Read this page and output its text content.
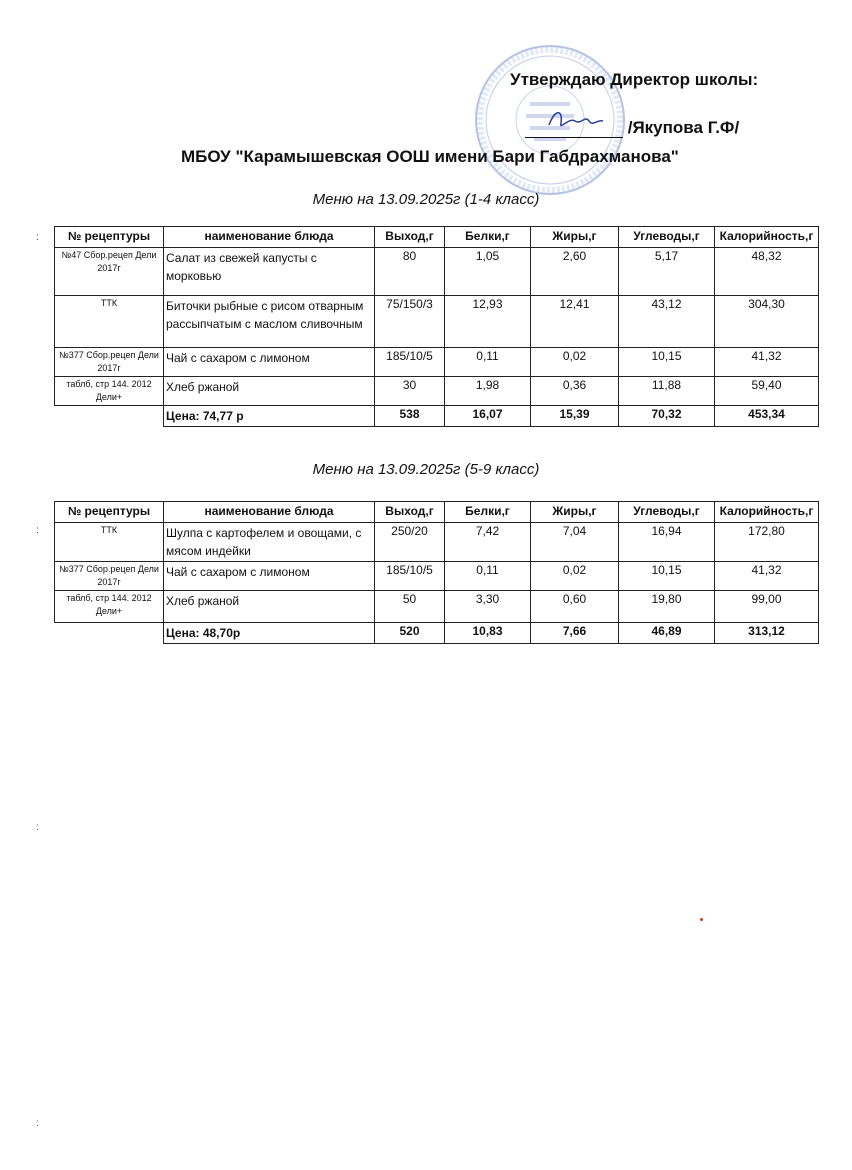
Утверждаю Директор школы:
/Якупова Г.Ф/
МБОУ "Карамышевская ООШ имени Бари Габдрахманова"
Меню на 13.09.2025г (1-4 класс)
№ рецептуры	наименование блюда	Выход,г	Белки,г	Жиры,г	Углеводы,г	Калорийность,г
№47 Сбор.рецеп Дели 2017г	Салат из свежей капусты с морковью	80	1,05	2,60	5,17	48,32
ТТК	Биточки рыбные с рисом отварным рассыпчатым с маслом сливочным	75/150/3	12,93	12,41	43,12	304,30
№377 Сбор.рецеп Дели 2017г	Чай с сахаром с лимоном	185/10/5	0,11	0,02	10,15	41,32
таблб, стр 144. 2012 Дели+	Хлеб ржаной	30	1,98	0,36	11,88	59,40
	Цена: 74,77 р	538	16,07	15,39	70,32	453,34
Меню на 13.09.2025г (5-9 класс)
№ рецептуры	наименование блюда	Выход,г	Белки,г	Жиры,г	Углеводы,г	Калорийность,г
ТТК	Шулпа с картофелем и овощами, с мясом индейки	250/20	7,42	7,04	16,94	172,80
№377 Сбор.рецеп Дели 2017г	Чай с сахаром с лимоном	185/10/5	0,11	0,02	10,15	41,32
таблб, стр 144. 2012 Дели+	Хлеб ржаной	50	3,30	0,60	19,80	99,00
	Цена: 48,70р	520	10,83	7,66	46,89	313,12
:
:
:
:
